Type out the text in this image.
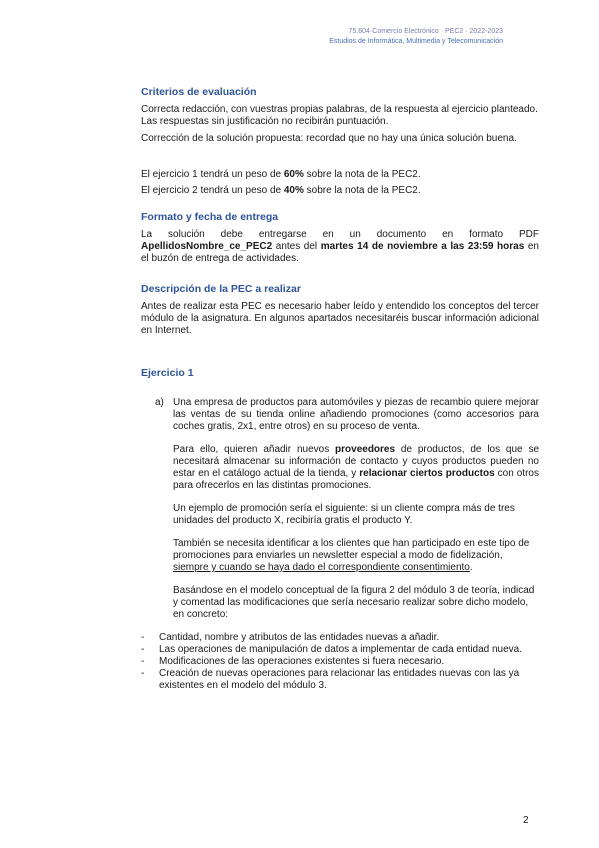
75.604·Comercio Electrónico · PEC2 · 2022-2023
Estudios de Informática, Multimedia y Telecomunicación
Criterios de evaluación

Correcta redacción, con vuestras propias palabras, de la respuesta al ejercicio planteado. Las respuestas sin justificación no recibirán puntuación.

Corrección de la solución propuesta: recordad que no hay una única solución buena.

El ejercicio 1 tendrá un peso de 60% sobre la nota de la PEC2.

El ejercicio 2 tendrá un peso de 40% sobre la nota de la PEC2.

Formato y fecha de entrega

La solución debe entregarse en un documento en formato PDF ApellidosNombre_ce_PEC2 antes del martes 14 de noviembre a las 23:59 horas en el buzón de entrega de actividades.

Descripción de la PEC a realizar

Antes de realizar esta PEC es necesario haber leído y entendido los conceptos del tercer módulo de la asignatura. En algunos apartados necesitaréis buscar información adicional en Internet.

Ejercicio 1
a) Una empresa de productos para automóviles y piezas de recambio quiere mejorar las ventas de su tienda online añadiendo promociones (como accesorios para coches gratis, 2x1, entre otros) en su proceso de venta.

Para ello, quieren añadir nuevos proveedores de productos, de los que se necesitará almacenar su información de contacto y cuyos productos pueden no estar en el catálogo actual de la tienda, y relacionar ciertos productos con otros para ofrecerlos en las distintas promociones.

Un ejemplo de promoción sería el siguiente: si un cliente compra más de tres unidades del producto X, recibiría gratis el producto Y.

También se necesita identificar a los clientes que han participado en este tipo de promociones para enviarles un newsletter especial a modo de fidelización, siempre y cuando se haya dado el correspondiente consentimiento.

Basándose en el modelo conceptual de la figura 2 del módulo 3 de teoría, indicad y comentad las modificaciones que sería necesario realizar sobre dicho modelo, en concreto:

- Cantidad, nombre y atributos de las entidades nuevas a añadir.
- Las operaciones de manipulación de datos a implementar de cada entidad nueva.
- Modificaciones de las operaciones existentes si fuera necesario.
- Creación de nuevas operaciones para relacionar las entidades nuevas con las ya existentes en el modelo del módulo 3.
2
